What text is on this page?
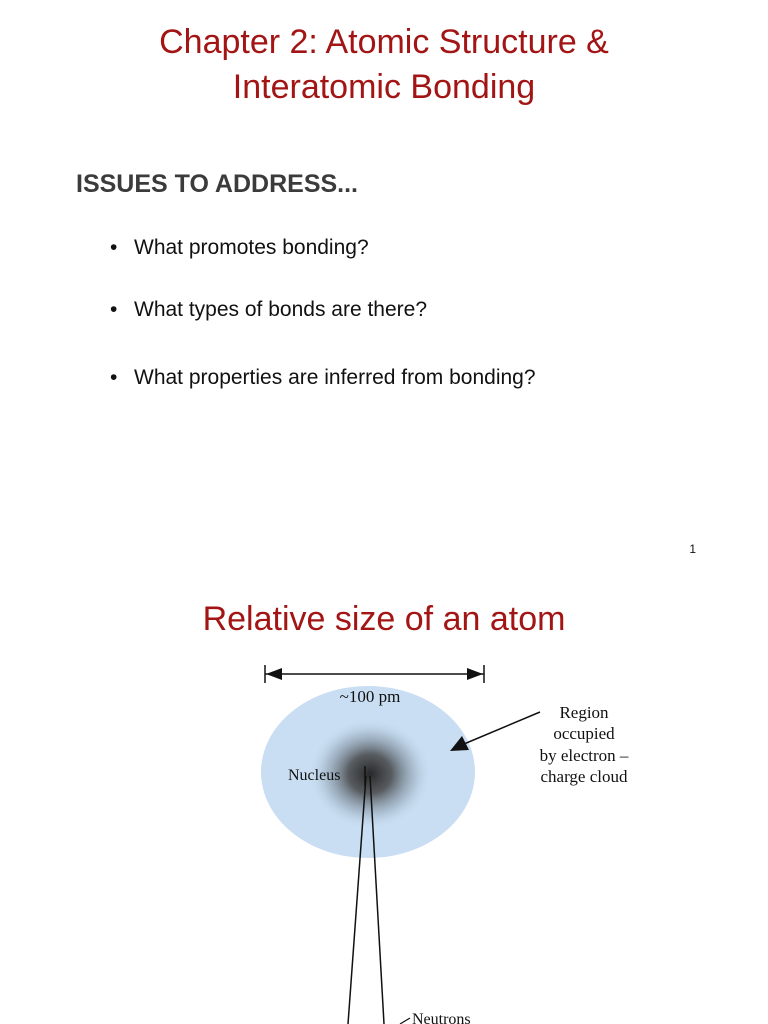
Chapter 2: Atomic Structure &
Interatomic Bonding
ISSUES TO ADDRESS...
• What promotes bonding?
• What types of bonds are there?
• What properties are inferred from bonding?
1
Relative size of an atom
~100 pm
Nucleus
Region
occupied
by electron –
charge cloud
Neutrons
